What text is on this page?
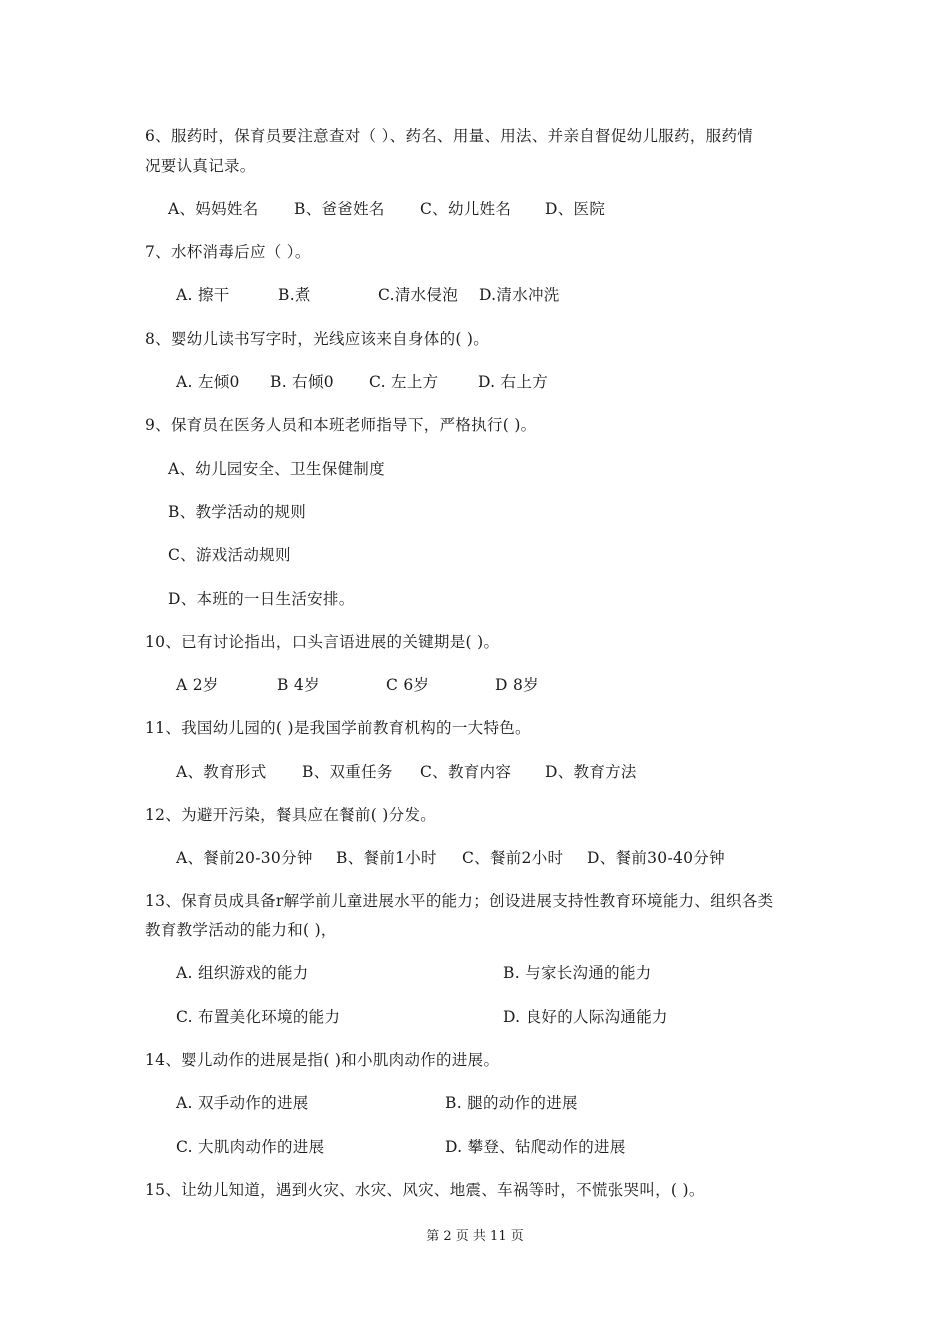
6、服药时，保育员要注意查对（ ）、药名、用量、用法、并亲自督促幼儿服药，服药情
况要认真记录。
A、妈妈姓名 B、爸爸姓名 C、幼儿姓名 D、医院
7、水杯消毒后应（ ）。
A. 擦干	B.煮	C.清水侵泡 D.清水冲洗
8、婴幼儿读书写字时，光线应该来自身体的( )。
A. 左倾0 B. 右倾0 C. 左上方	D. 右上方
9、保育员在医务人员和本班老师指导下，严格执行( )。
A、幼儿园安全、卫生保健制度
B、教学活动的规则
C、游戏活动规则
D、本班的一日生活安排。
10、已有讨论指出，口头言语进展的关键期是( )。
A 2岁	B 4岁	C 6岁	D 8岁
11、我国幼儿园的( )是我国学前教育机构的一大特色。
A、教育形式 B、双重任务 C、教育内容 D、教育方法
12、为避开污染，餐具应在餐前( )分发。
A、餐前20-30分钟 B、餐前1小时 C、餐前2小时 D、餐前30-40分钟
13、保育员成具备r解学前儿童进展水平的能力；创设进展支持性教育环境能力、组织各类
教育教学活动的能力和( )，
A. 组织游戏的能力	B. 与家长沟通的能力
C. 布置美化环境的能力	D. 良好的人际沟通能力
14、婴儿动作的进展是指( )和小肌肉动作的进展。
A. 双手动作的进展	B. 腿的动作的进展
C. 大肌肉动作的进展	D. 攀登、钻爬动作的进展
15、让幼儿知道，遇到火灾、水灾、风灾、地震、车祸等时，不慌张哭叫，( )。
第 2 页 共 11 页
